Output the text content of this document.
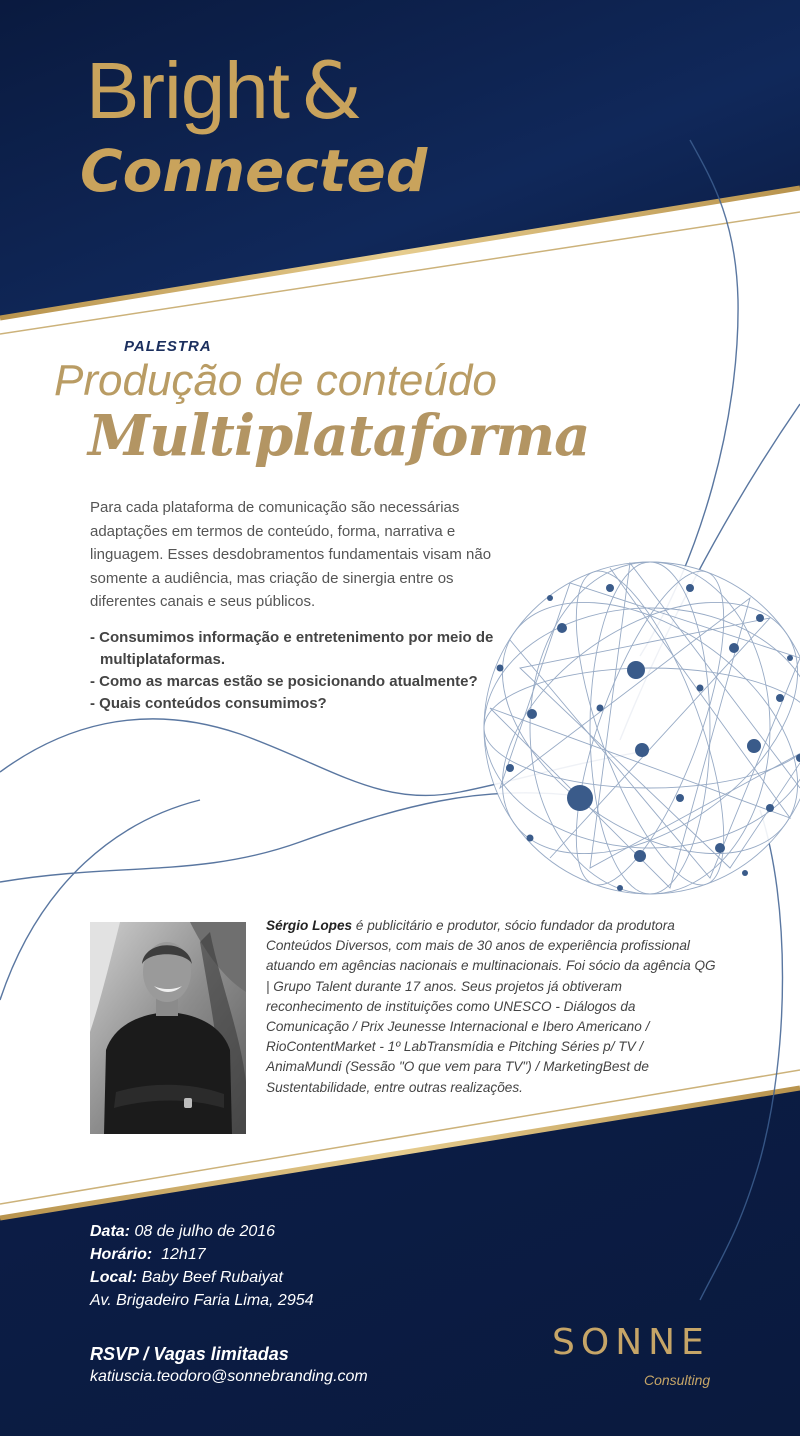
Bright &
Connected
PALESTRA
Produção de conteúdo
Multiplataforma
Para cada plataforma de comunicação são necessárias adaptações em termos de conteúdo, forma, narrativa e linguagem. Esses desdobramentos fundamentais visam não somente a audiência, mas criação de sinergia entre os diferentes canais e seus públicos.
- Consumimos informação e entretenimento por meio de multiplataformas.
- Como as marcas estão se posicionando atualmente?
- Quais conteúdos consumimos?
Sérgio Lopes é publicitário e produtor, sócio fundador da produtora Conteúdos Diversos, com mais de 30 anos de experiência profissional atuando em agências nacionais e multinacionais. Foi sócio da agência QG | Grupo Talent durante 17 anos. Seus projetos já obtiveram reconhecimento de instituições como UNESCO - Diálogos da Comunicação / Prix Jeunesse Internacional e Ibero Americano / RioContentMarket - 1º LabTransmídia e Pitching Séries p/ TV / AnimaMundi (Sessão "O que vem para TV") / MarketingBest de Sustentabilidade, entre outras realizações.
Data: 08 de julho de 2016
Horário: 12h17
Local: Baby Beef Rubaiyat
Av. Brigadeiro Faria Lima, 2954
RSVP / Vagas limitadas
katiuscia.teodoro@sonnebranding.com
SONNE
Consulting
